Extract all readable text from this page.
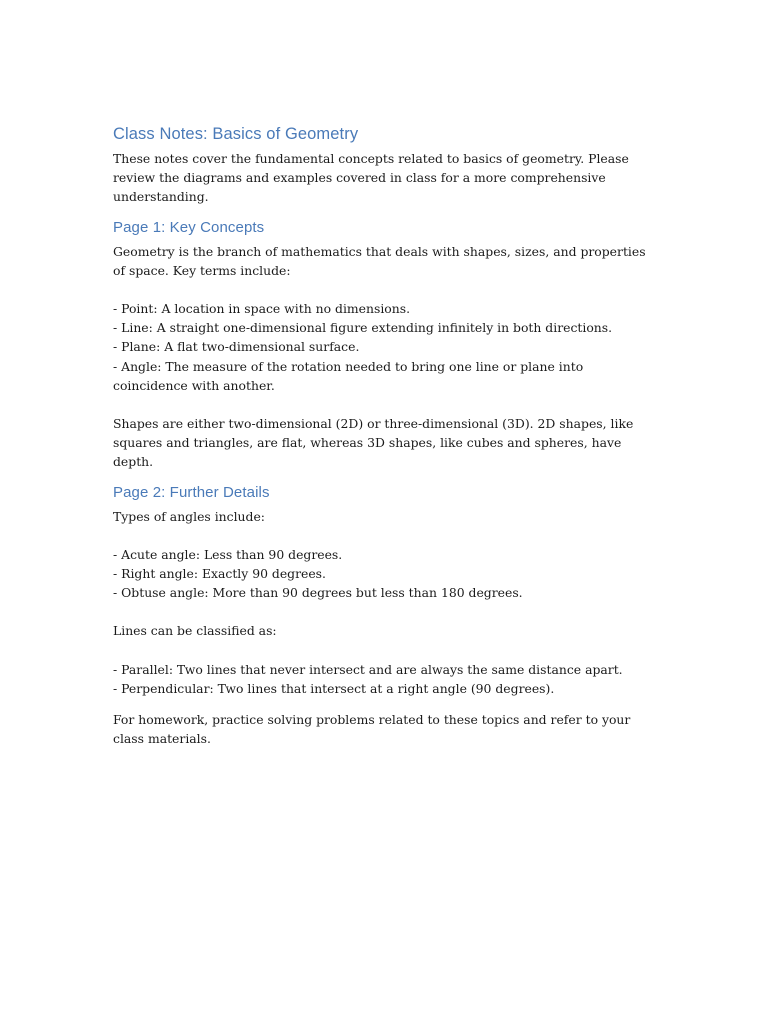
Class Notes: Basics of Geometry

These notes cover the fundamental concepts related to basics of geometry. Please review the diagrams and examples covered in class for a more comprehensive understanding.

Page 1: Key Concepts

Geometry is the branch of mathematics that deals with shapes, sizes, and properties of space. Key terms include:

- Point: A location in space with no dimensions.

- Line: A straight one-dimensional figure extending infinitely in both directions.

- Plane: A flat two-dimensional surface.

- Angle: The measure of the rotation needed to bring one line or plane into coincidence with another.

Shapes are either two-dimensional (2D) or three-dimensional (3D). 2D shapes, like squares and triangles, are flat, whereas 3D shapes, like cubes and spheres, have depth.

Page 2: Further Details

Types of angles include:

- Acute angle: Less than 90 degrees.

- Right angle: Exactly 90 degrees.

- Obtuse angle: More than 90 degrees but less than 180 degrees.

Lines can be classified as:

- Parallel: Two lines that never intersect and are always the same distance apart.

- Perpendicular: Two lines that intersect at a right angle (90 degrees).

For homework, practice solving problems related to these topics and refer to your class materials.
